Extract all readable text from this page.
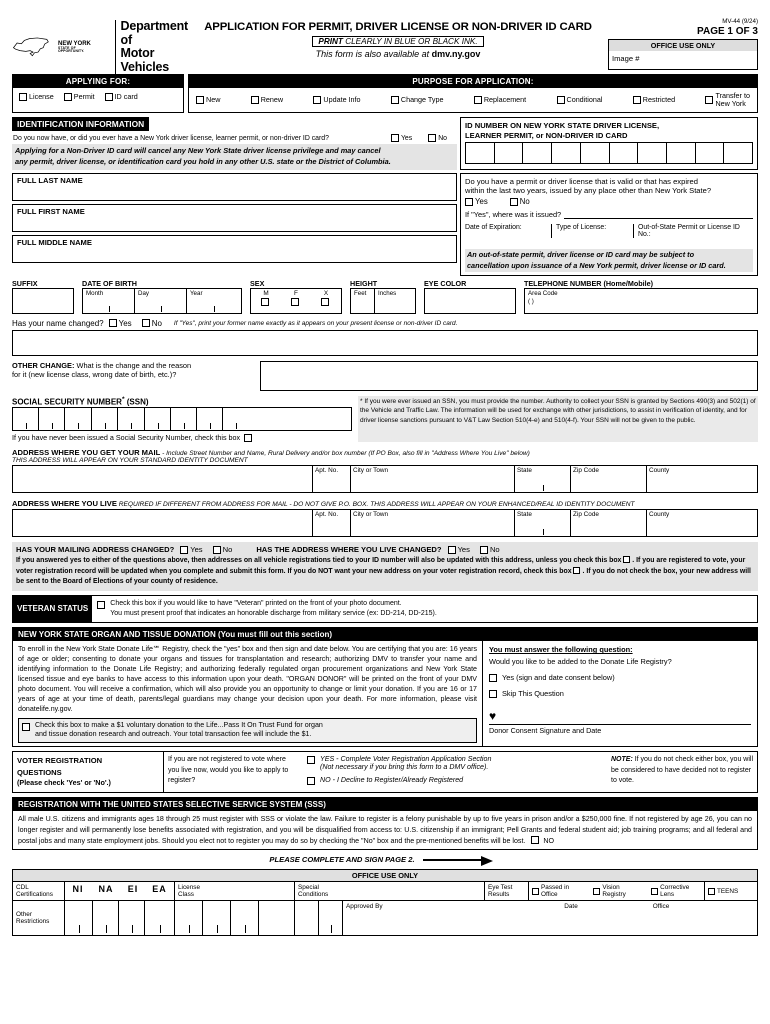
NEW YORK
STATE OF
OPPORTUNITY.
Department of
Motor Vehicles
APPLICATION FOR PERMIT, DRIVER LICENSE OR NON-DRIVER ID CARD
PRINT CLEARLY IN BLUE OR BLACK INK.
This form is also available at dmv.ny.gov
MV-44 (9/24)
PAGE 1 OF 3
OFFICE USE ONLY
Image #
APPLYING FOR:
License	Permit	ID card
PURPOSE FOR APPLICATION:
New	Renew	Update Info	Change Type	Replacement	Conditional	Restricted	Transfer to
New York
IDENTIFICATION INFORMATION
Do you now have, or did you ever have a New York driver license, learner permit, or non-driver ID card?	Yes	No
Applying for a Non-Driver ID card will cancel any New York State driver license privilege and may cancel
any permit, driver license, or identification card you hold in any other U.S. state or the District of Columbia.
ID NUMBER ON NEW YORK STATE DRIVER LICENSE,
LEARNER PERMIT, or NON-DRIVER ID CARD
FULL LAST NAME
FULL FIRST NAME
FULL MIDDLE NAME
Do you have a permit or driver license that is valid or that has expired
within the last two years, issued by any place other than New York State?
Yes	No
If "Yes", where was it issued?
Date of Expiration:	Type of License:	Out-of-State Permit or License ID No.:
An out-of-state permit, driver license or ID card may be subject to
cancellation upon issuance of a New York permit, driver license or ID card.
SUFFIX	DATE OF BIRTH
Month	Day	Year
SEX
M	F	X
HEIGHT
Feet	Inches
EYE COLOR	TELEPHONE NUMBER (Home/Mobile)
Area Code
( )
Has your name changed? Yes	No If "Yes", print your former name exactly as it appears on your present license or non-driver ID card.
OTHER CHANGE: What is the change and the reason
for it (new license class, wrong date of birth, etc.)?
SOCIAL SECURITY NUMBER* (SSN)
If you have never been issued a Social Security Number, check this box
* If you were ever issued an SSN, you must provide the number. Authority to collect your SSN is granted by Sections 490(3) and 502(1) of the Vehicle and Traffic Law. The information will be used for exchange with other jurisdictions, to assist in verification of identity, and for driver license sanctions pursuant to V&T Law Section 510(4-e) and 510(4-f). Your SSN will not be given to the public.
ADDRESS WHERE YOU GET YOUR MAIL - Include Street Number and Name, Rural Delivery and/or box number (If PO Box, also fill in "Address Where You Live" below)
THIS ADDRESS WILL APPEAR ON YOUR STANDARD IDENTITY DOCUMENT
Apt. No.	City or Town	State	Zip Code	County
ADDRESS WHERE YOU LIVE REQUIRED IF DIFFERENT FROM ADDRESS FOR MAIL - DO NOT GIVE P.O. BOX. THIS ADDRESS WILL APPEAR ON YOUR ENHANCED/REAL ID IDENTITY DOCUMENT
Apt. No.	City or Town	State	Zip Code	County
HAS YOUR MAILING ADDRESS CHANGED? Yes	No	HAS THE ADDRESS WHERE YOU LIVE CHANGED? Yes	No
If you answered yes to either of the questions above, then addresses on all vehicle registrations tied to your ID number will also be updated with this address, unless you check this box . If you are registered to vote, your voter registration record will be updated when you complete and submit this form. If you do NOT want your new address on your voter registration record, check this box . If you do not check the box, your new address will be sent to the Board of Elections of your county of residence.
VETERAN STATUS
Check this box if you would like to have "Veteran" printed on the front of your photo document.
You must present proof that indicates an honorable discharge from military service (ex: DD-214, DD-215).
NEW YORK STATE ORGAN AND TISSUE DONATION (You must fill out this section)
To enroll in the New York State Donate Life℠ Registry, check the "yes" box and then sign and date below. You are certifying that you are: 16 years of age or older; consenting to donate your organs and tissues for transplantation and research; authorizing DMV to transfer your name and identifying information to the Donate Life Registry; and authorizing federally regulated organ procurement organizations and New York State licensed tissue and eye banks to have access to this information upon your death. "ORGAN DONOR" will be printed on the front of your DMV photo document. You will receive a confirmation, which will also provide you an opportunity to change or limit your donation. If you are 16 or 17 years of age at your time of death, parents/legal guardians may change your decision upon your death. For more information, please visit donatelife.ny.gov.
Check this box to make a $1 voluntary donation to the Life...Pass It On Trust Fund for organ
and tissue donation research and outreach. Your total transaction fee will include the $1.
You must answer the following question:
Would you like to be added to the Donate Life Registry?
Yes (sign and date consent below)
Skip This Question
♥
Donor Consent Signature and Date
VOTER REGISTRATION
QUESTIONS
(Please check 'Yes' or 'No'.)
If you are not registered to vote where you live now, would you like to apply to register?
YES - Complete Voter Registration Application Section
(Not necessary if you bring this form to a DMV office).
NO - I Decline to Register/Already Registered
NOTE: If you do not check either box, you will be considered to have decided not to register to vote.
REGISTRATION WITH THE UNITED STATES SELECTIVE SERVICE SYSTEM (SSS)
All male U.S. citizens and immigrants ages 18 through 25 must register with SSS or violate the law. Failure to register is a felony punishable by up to five years in prison and/or a $250,000 fine. If not registered by age 26, you can no longer register and will permanently lose benefits associated with registration, and you will be disqualified from access to: U.S. citizenship if an immigrant; Pell Grants and federal student aid; job training programs; and all federal and postal jobs and many state employment jobs. Should you elect not to register you may do so by checking the "No" box and the pre-mentioned benefits will be lost.	NO
PLEASE COMPLETE AND SIGN PAGE 2.
OFFICE USE ONLY
CDL
Certifications
NI	NA	EI	EA	License
Class
Special
Conditions
Eye Test
Results
Passed in Office
Vision Registry
Corrective Lens	TEENS
Other
Restrictions
Approved By	Date	Office
